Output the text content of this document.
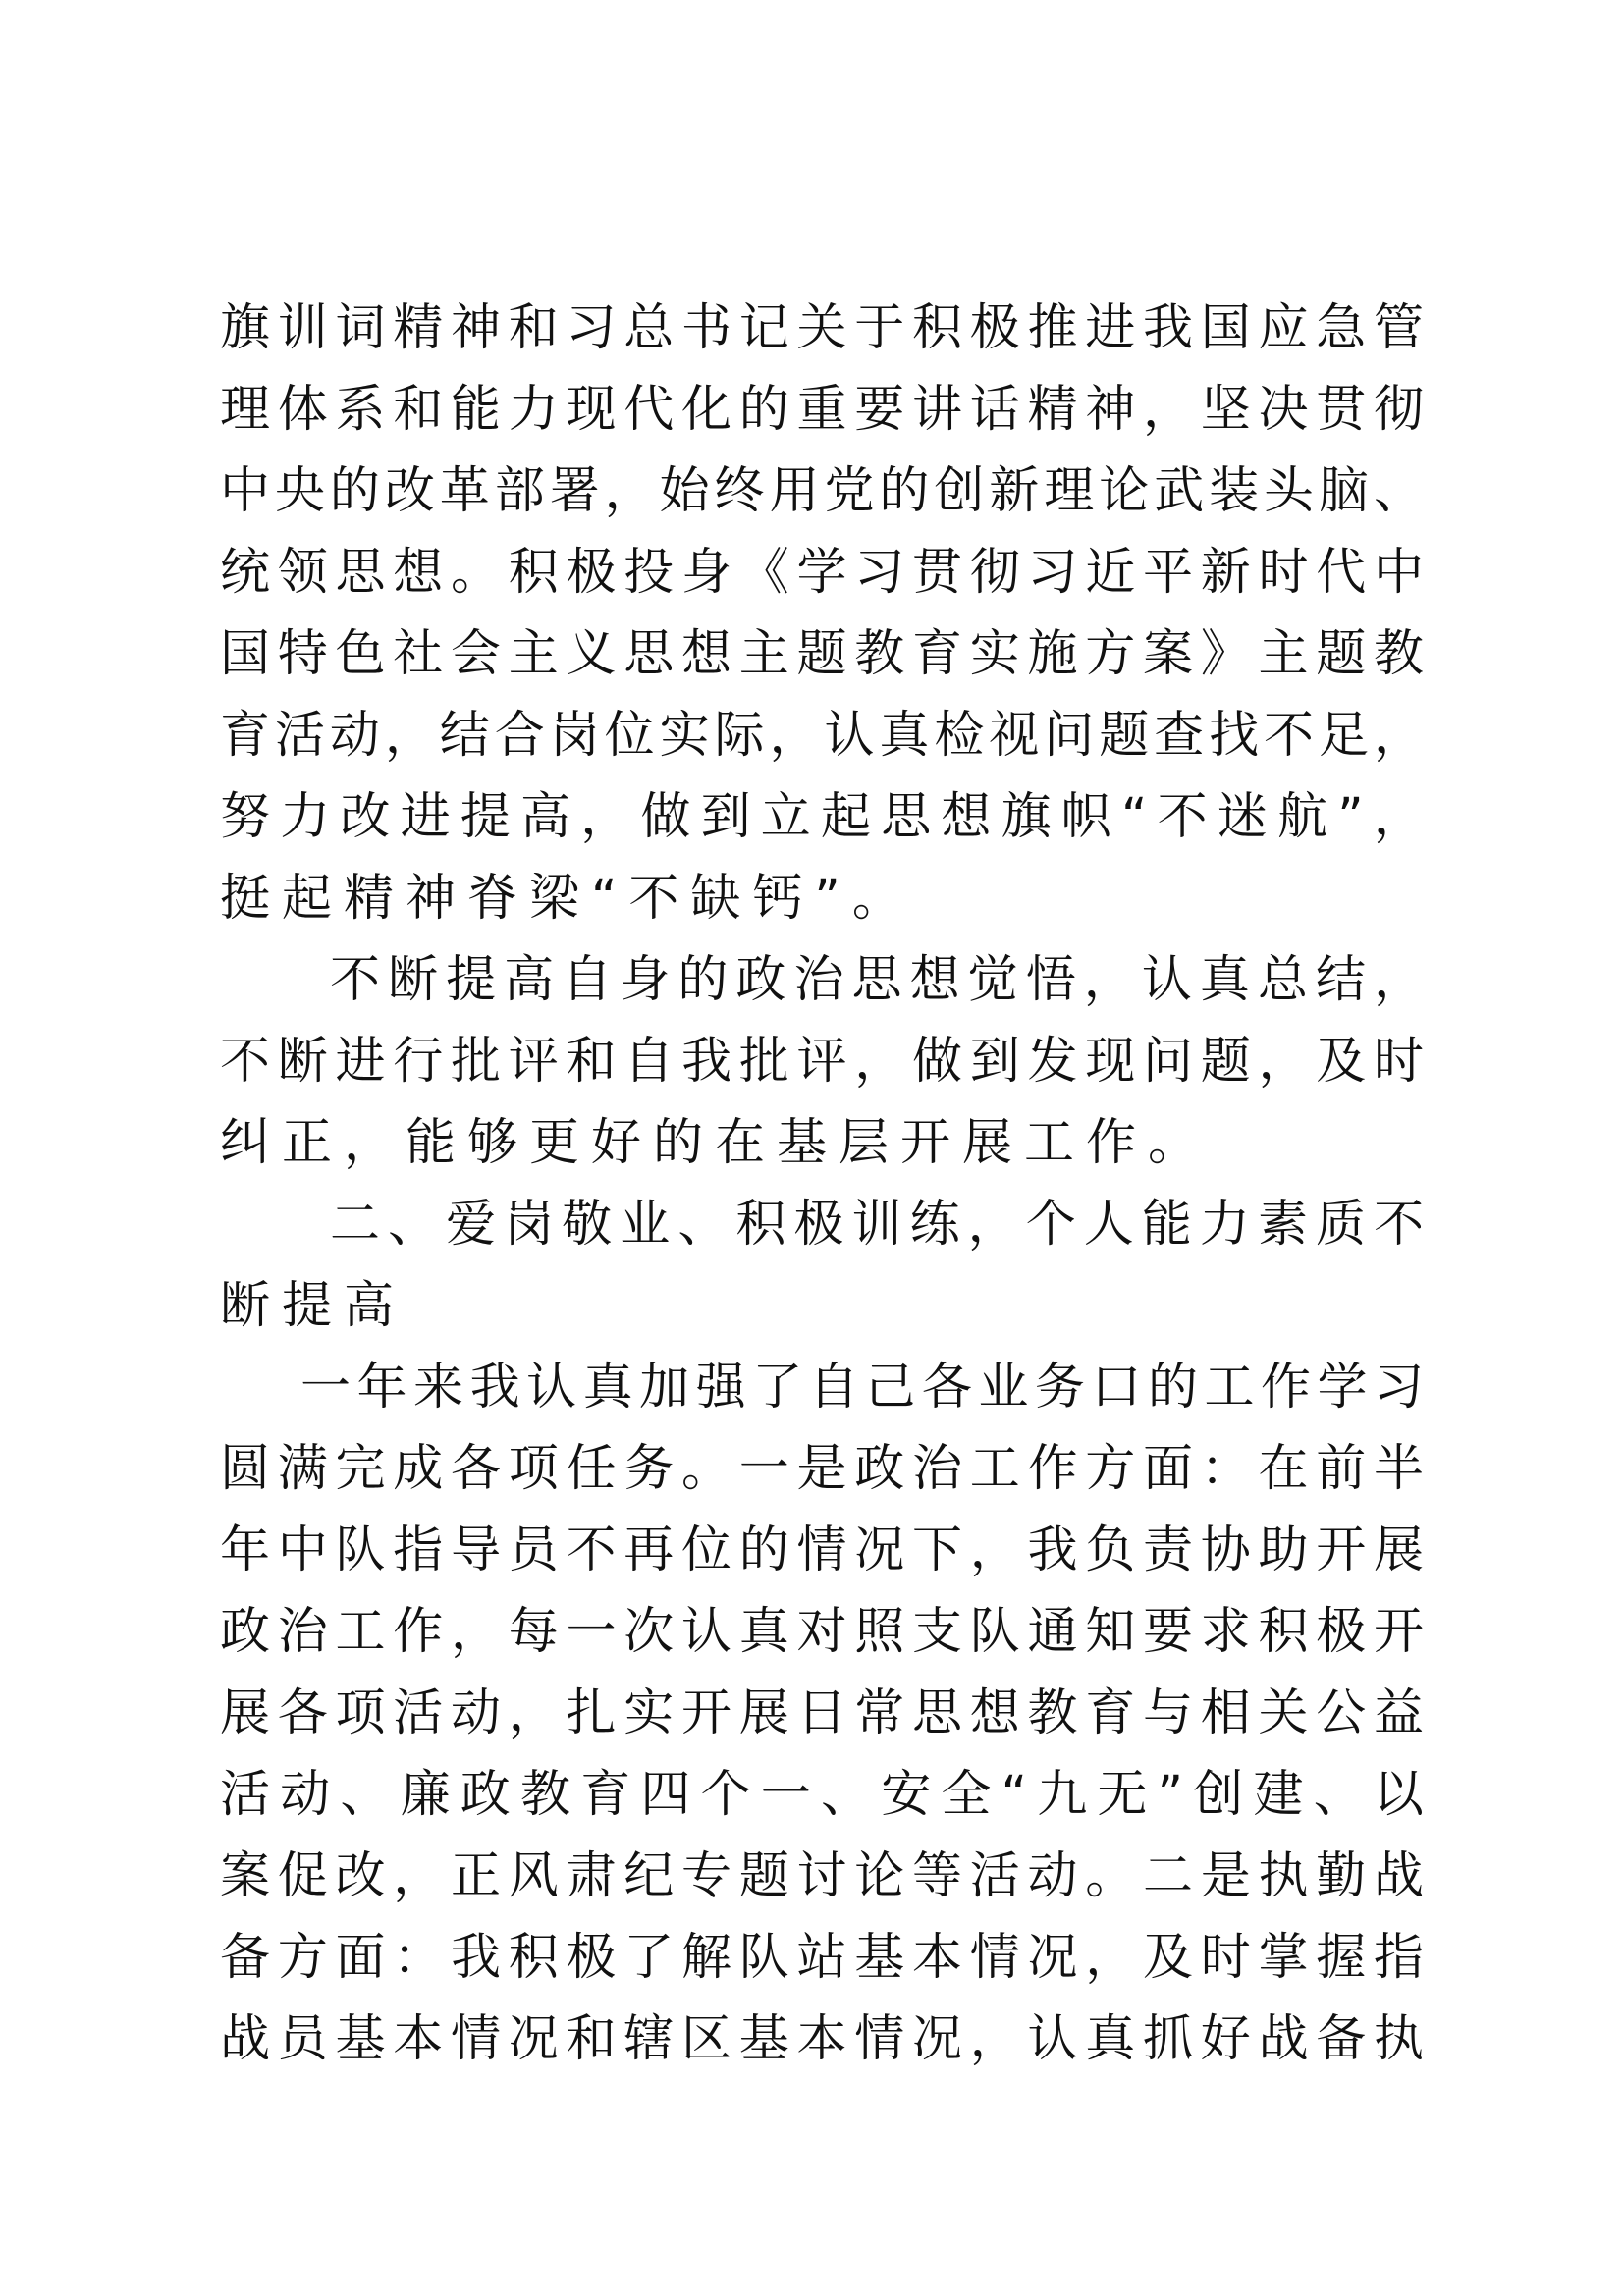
旗训词精神和习总书记关于积极推进我国应急管
理体系和能力现代化的重要讲话精神，坚决贯彻
中央的改革部署，始终用党的创新理论武装头脑、
统领思想。积极投身《学习贯彻习近平新时代中
国特色社会主义思想主题教育实施方案》主题教
育活动，结合岗位实际，认真检视问题查找不足，
努力改进提高，做到立起思想旗帜“不迷航”，
挺起精神脊梁“不缺钙”。
不断提高自身的政治思想觉悟，认真总结，
不断进行批评和自我批评，做到发现问题，及时
纠正，能够更好的在基层开展工作。
二、爱岗敬业、积极训练，个人能力素质不
断提高
一年来我认真加强了自己各业务口的工作学习
圆满完成各项任务。一是政治工作方面：在前半
年中队指导员不再位的情况下，我负责协助开展
政治工作，每一次认真对照支队通知要求积极开
展各项活动，扎实开展日常思想教育与相关公益
活动、廉政教育四个一、安全“九无”创建、以
案促改，正风肃纪专题讨论等活动。二是执勤战
备方面：我积极了解队站基本情况，及时掌握指
战员基本情况和辖区基本情况，认真抓好战备执
